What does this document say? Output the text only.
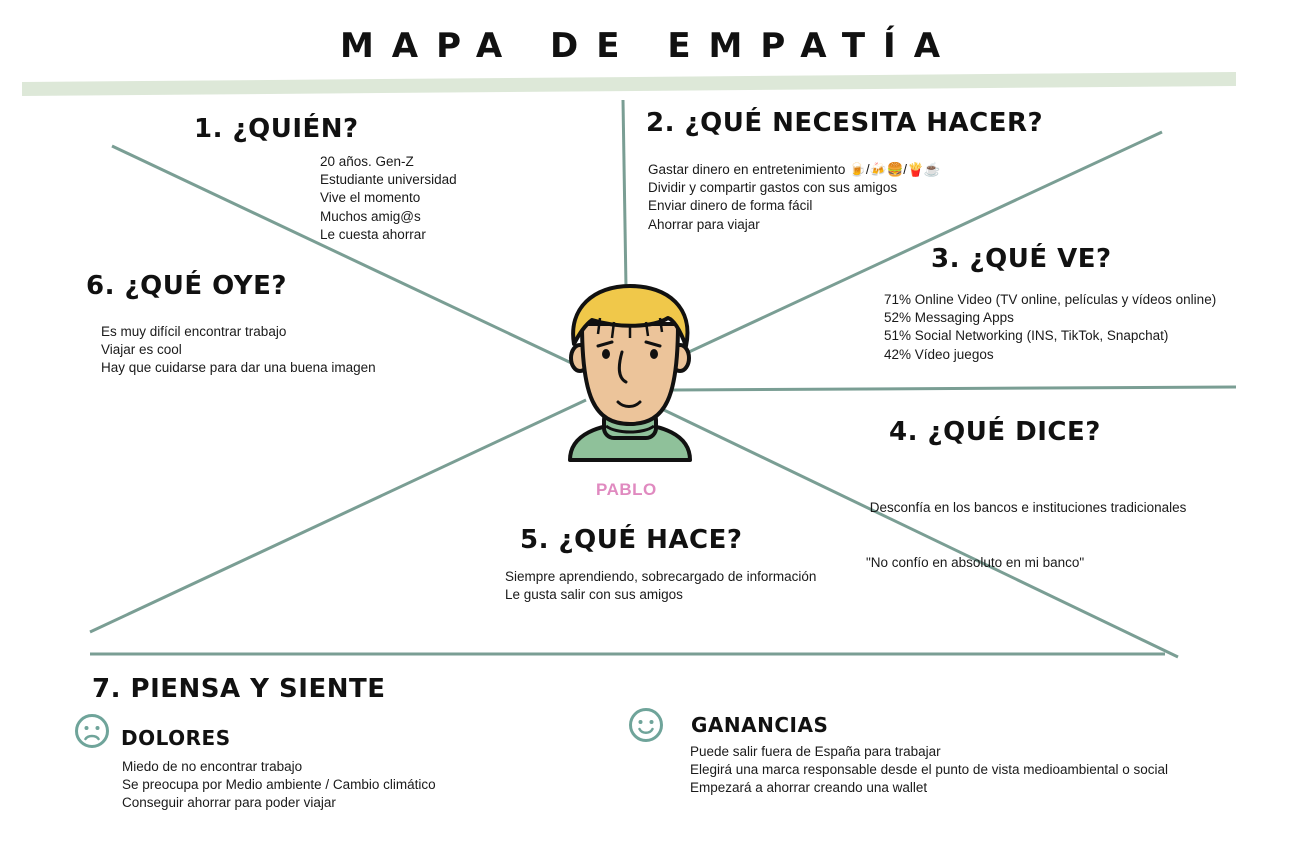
MAPA DE EMPATÍA
PABLO
1. ¿QUIÉN?
20 años. Gen-Z
Estudiante universidad
Vive el momento
Muchos amig@s
Le cuesta ahorrar
2. ¿QUÉ NECESITA HACER?
Gastar dinero en entretenimiento 🍺/🍻🍔/🍟☕
Dividir y compartir gastos con sus amigos
Enviar dinero de forma fácil
Ahorrar para viajar
3. ¿QUÉ VE?
71% Online Video (TV online, películas y vídeos online)
52% Messaging Apps
51% Social Networking (INS, TikTok, Snapchat)
42% Vídeo juegos
4. ¿QUÉ DICE?

Desconfía en los bancos e instituciones tradicionales

"No confío en absoluto en mi banco"

5. ¿QUÉ HACE?
Siempre aprendiendo, sobrecargado de información
Le gusta salir con sus amigos
6. ¿QUÉ OYE?
Es muy difícil encontrar trabajo
Viajar es cool
Hay que cuidarse para dar una buena imagen
7. PIENSA Y SIENTE
DOLORES
Miedo de no encontrar trabajo
Se preocupa por Medio ambiente / Cambio climático
Conseguir ahorrar para poder viajar
GANANCIAS
Puede salir fuera de España para trabajar
Elegirá una marca responsable desde el punto de vista medioambiental o social
Empezará a ahorrar creando una wallet
